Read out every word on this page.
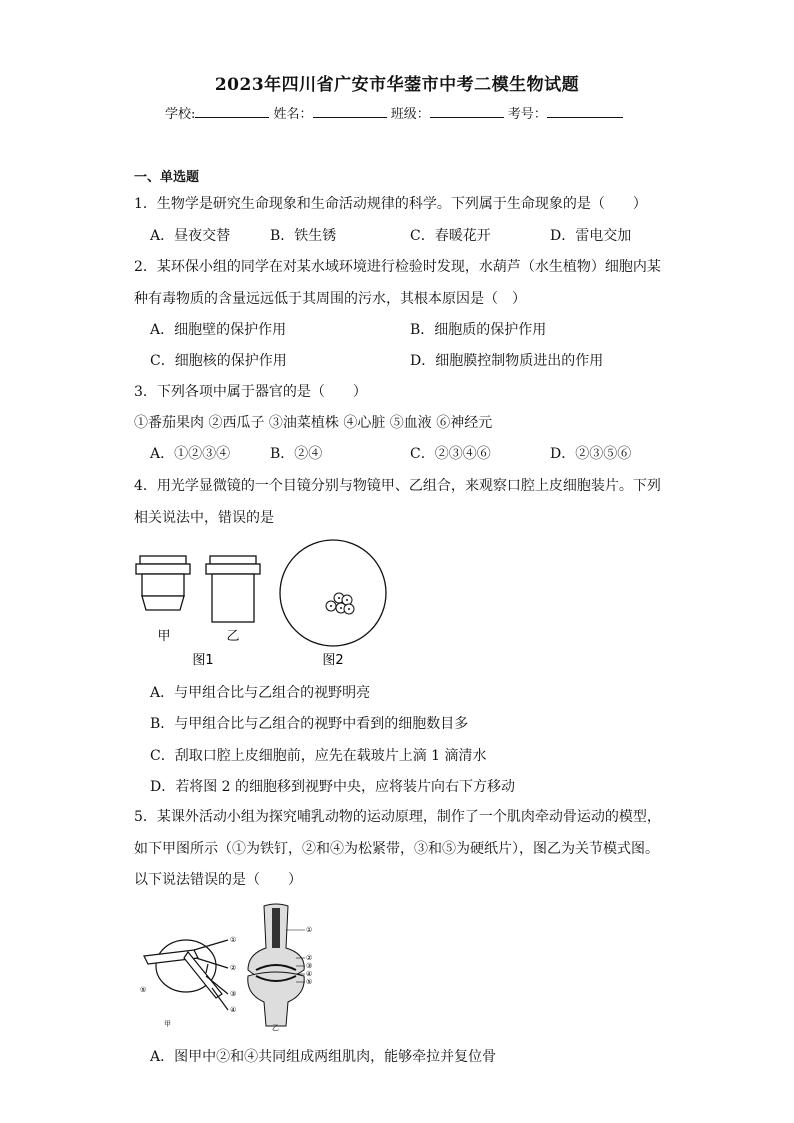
2023年四川省广安市华蓥市中考二模生物试题
学校:	姓名：	班级：	考号：
一、单选题
1．生物学是研究生命现象和生命活动规律的科学。下列属于生命现象的是（　　）
A．昼夜交替	B．铁生锈	C．春暖花开	D．雷电交加
2．某环保小组的同学在对某水域环境进行检验时发现，水葫芦（水生植物）细胞内某
种有毒物质的含量远远低于其周围的污水，其根本原因是（　）
A．细胞壁的保护作用	B．细胞质的保护作用
C．细胞核的保护作用	D．细胞膜控制物质进出的作用
3．下列各项中属于器官的是（　　）
①番茄果肉 ②西瓜子 ③油菜植株 ④心脏 ⑤血液 ⑥神经元
A．①②③④	B．②④	C．②③④⑥	D．②③⑤⑥
4．用光学显微镜的一个目镜分别与物镜甲、乙组合，来观察口腔上皮细胞装片。下列
相关说法中，错误的是
甲	乙
图1	图2
A．与甲组合比与乙组合的视野明亮
B．与甲组合比与乙组合的视野中看到的细胞数目多
C．刮取口腔上皮细胞前，应先在载玻片上滴 1 滴清水
D．若将图 2 的细胞移到视野中央，应将装片向右下方移动
5．某课外活动小组为探究哺乳动物的运动原理，制作了一个肌肉牵动骨运动的模型，
如下甲图所示（①为铁钉，②和④为松紧带，③和⑤为硬纸片），图乙为关节模式图。
以下说法错误的是（　　）
甲
①
②
③
④
⑤
乙
①
②
③
④
⑤
A．图甲中②和④共同组成两组肌肉，能够牵拉并复位骨
